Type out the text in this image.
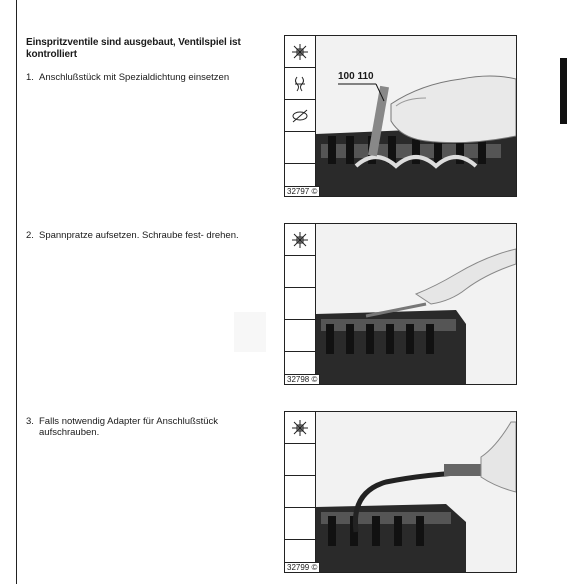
Einspritzventile sind ausgebaut, Ventilspiel ist kontrolliert
1. Anschlußstück mit Spezialdichtung einsetzen
2. Spannpratze aufsetzen. Schraube fest- drehen.
3. Falls notwendig Adapter für Anschlußstück aufschrauben.
100 110
32797 ©
32798 ©
32799 ©
